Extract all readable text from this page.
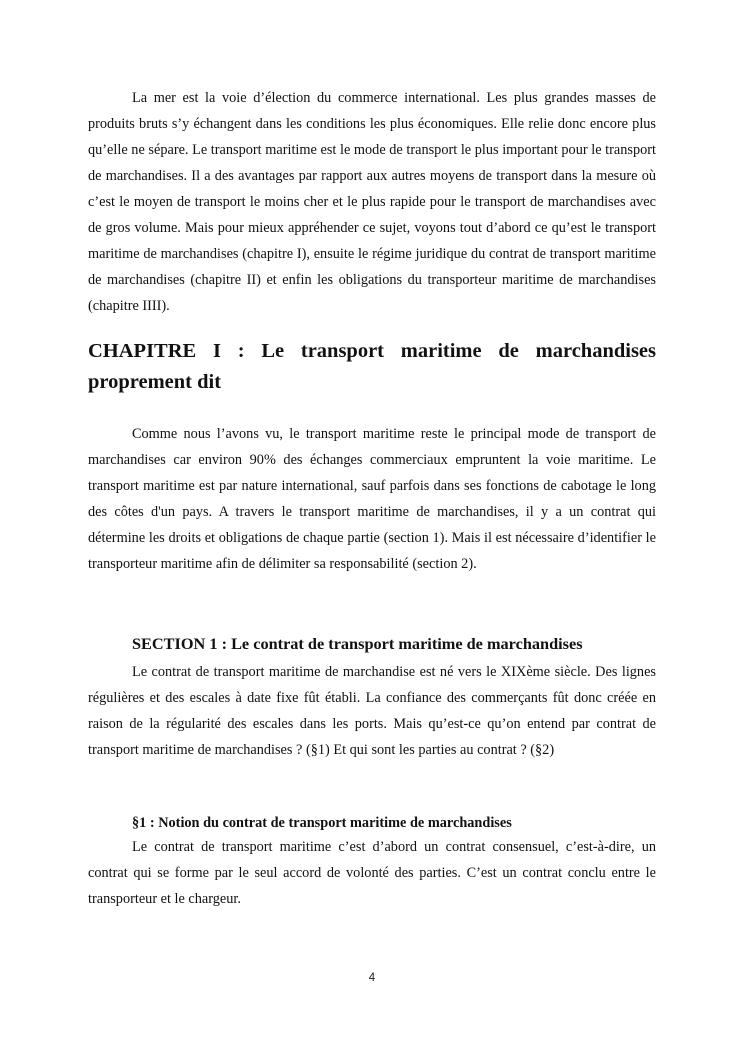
La mer est la voie d’élection du commerce international. Les plus grandes masses de produits bruts s’y échangent dans les conditions les plus économiques. Elle relie donc encore plus qu’elle ne sépare. Le transport maritime est le mode de transport le plus important pour le transport de marchandises. Il a des avantages par rapport aux autres moyens de transport dans la mesure où c’est le moyen de transport le moins cher et le plus rapide pour le transport de marchandises avec de gros volume. Mais pour mieux appréhender ce sujet, voyons tout d’abord ce qu’est le transport maritime de marchandises (chapitre I), ensuite le régime juridique du contrat de transport maritime de marchandises (chapitre II) et enfin les obligations du transporteur maritime de marchandises (chapitre IIII).

CHAPITRE I : Le transport maritime de marchandises proprement dit

Comme nous l’avons vu, le transport maritime reste le principal mode de transport de marchandises car environ 90% des échanges commerciaux empruntent la voie maritime. Le transport maritime est par nature international, sauf parfois dans ses fonctions de cabotage le long des côtes d'un pays. A travers le transport maritime de marchandises, il y a un contrat qui détermine les droits et obligations de chaque partie (section 1). Mais il est nécessaire d’identifier le transporteur maritime afin de délimiter sa responsabilité (section 2).

SECTION 1 : Le contrat de transport maritime de marchandises

Le contrat de transport maritime de marchandise est né vers le XIXème siècle. Des lignes régulières et des escales à date fixe fût établi. La confiance des commerçants fût donc créée en raison de la régularité des escales dans les ports. Mais qu’est-ce qu’on entend par contrat de transport maritime de marchandises ? (§1) Et qui sont les parties au contrat ? (§2)

§1 : Notion du contrat de transport maritime de marchandises

Le contrat de transport maritime c’est d’abord un contrat consensuel, c’est-à-dire, un contrat qui se forme par le seul accord de volonté des parties. C’est un contrat conclu entre le transporteur et le chargeur.

4
